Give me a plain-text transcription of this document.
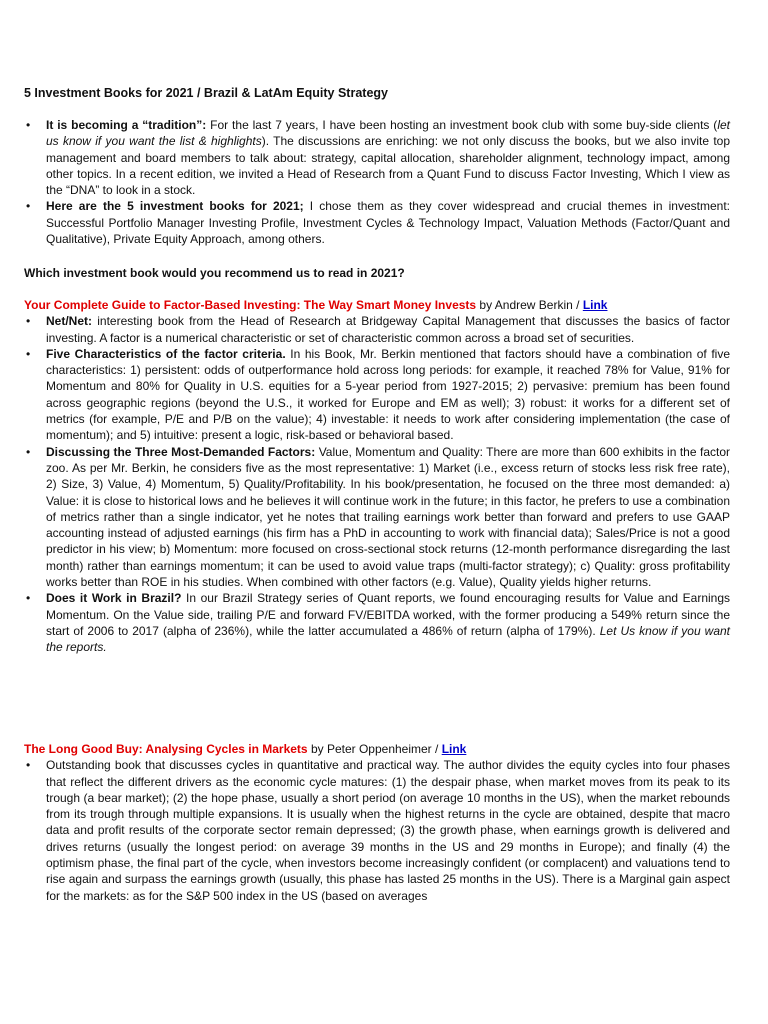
5 Investment Books for 2021 / Brazil & LatAm Equity Strategy
• It is becoming a “tradition”: For the last 7 years, I have been hosting an investment book club with some buy-side clients (let us know if you want the list & highlights). The discussions are enriching: we not only discuss the books, but we also invite top management and board members to talk about: strategy, capital allocation, shareholder alignment, technology impact, among other topics. In a recent edition, we invited a Head of Research from a Quant Fund to discuss Factor Investing, Which I view as the “DNA” to look in a stock.
• Here are the 5 investment books for 2021; I chose them as they cover widespread and crucial themes in investment: Successful Portfolio Manager Investing Profile, Investment Cycles & Technology Impact, Valuation Methods (Factor/Quant and Qualitative), Private Equity Approach, among others.
Which investment book would you recommend us to read in 2021?
Your Complete Guide to Factor-Based Investing: The Way Smart Money Invests by Andrew Berkin / Link
• Net/Net: interesting book from the Head of Research at Bridgeway Capital Management that discusses the basics of factor investing. A factor is a numerical characteristic or set of characteristic common across a broad set of securities.
• Five Characteristics of the factor criteria. In his Book, Mr. Berkin mentioned that factors should have a combination of five characteristics: 1) persistent: odds of outperformance hold across long periods: for example, it reached 78% for Value, 91% for Momentum and 80% for Quality in U.S. equities for a 5-year period from 1927-2015; 2) pervasive: premium has been found across geographic regions (beyond the U.S., it worked for Europe and EM as well); 3) robust: it works for a different set of metrics (for example, P/E and P/B on the value); 4) investable: it needs to work after considering implementation (the case of momentum); and 5) intuitive: present a logic, risk-based or behavioral based.
• Discussing the Three Most-Demanded Factors: Value, Momentum and Quality: There are more than 600 exhibits in the factor zoo. As per Mr. Berkin, he considers five as the most representative: 1) Market (i.e., excess return of stocks less risk free rate), 2) Size, 3) Value, 4) Momentum, 5) Quality/Profitability. In his book/presentation, he focused on the three most demanded: a) Value: it is close to historical lows and he believes it will continue work in the future; in this factor, he prefers to use a combination of metrics rather than a single indicator, yet he notes that trailing earnings work better than forward and prefers to use GAAP accounting instead of adjusted earnings (his firm has a PhD in accounting to work with financial data); Sales/Price is not a good predictor in his view; b) Momentum: more focused on cross-sectional stock returns (12-month performance disregarding the last month) rather than earnings momentum; it can be used to avoid value traps (multi-factor strategy); c) Quality: gross profitability works better than ROE in his studies. When combined with other factors (e.g. Value), Quality yields higher returns.
• Does it Work in Brazil? In our Brazil Strategy series of Quant reports, we found encouraging results for Value and Earnings Momentum. On the Value side, trailing P/E and forward FV/EBITDA worked, with the former producing a 549% return since the start of 2006 to 2017 (alpha of 236%), while the latter accumulated a 486% of return (alpha of 179%). Let Us know if you want the reports.
The Long Good Buy: Analysing Cycles in Markets by Peter Oppenheimer / Link
• Outstanding book that discusses cycles in quantitative and practical way. The author divides the equity cycles into four phases that reflect the different drivers as the economic cycle matures: (1) the despair phase, when market moves from its peak to its trough (a bear market); (2) the hope phase, usually a short period (on average 10 months in the US), when the market rebounds from its trough through multiple expansions. It is usually when the highest returns in the cycle are obtained, despite that macro data and profit results of the corporate sector remain depressed; (3) the growth phase, when earnings growth is delivered and drives returns (usually the longest period: on average 39 months in the US and 29 months in Europe); and finally (4) the optimism phase, the final part of the cycle, when investors become increasingly confident (or complacent) and valuations tend to rise again and surpass the earnings growth (usually, this phase has lasted 25 months in the US). There is a Marginal gain aspect for the markets: as for the S&P 500 index in the US (based on averages
